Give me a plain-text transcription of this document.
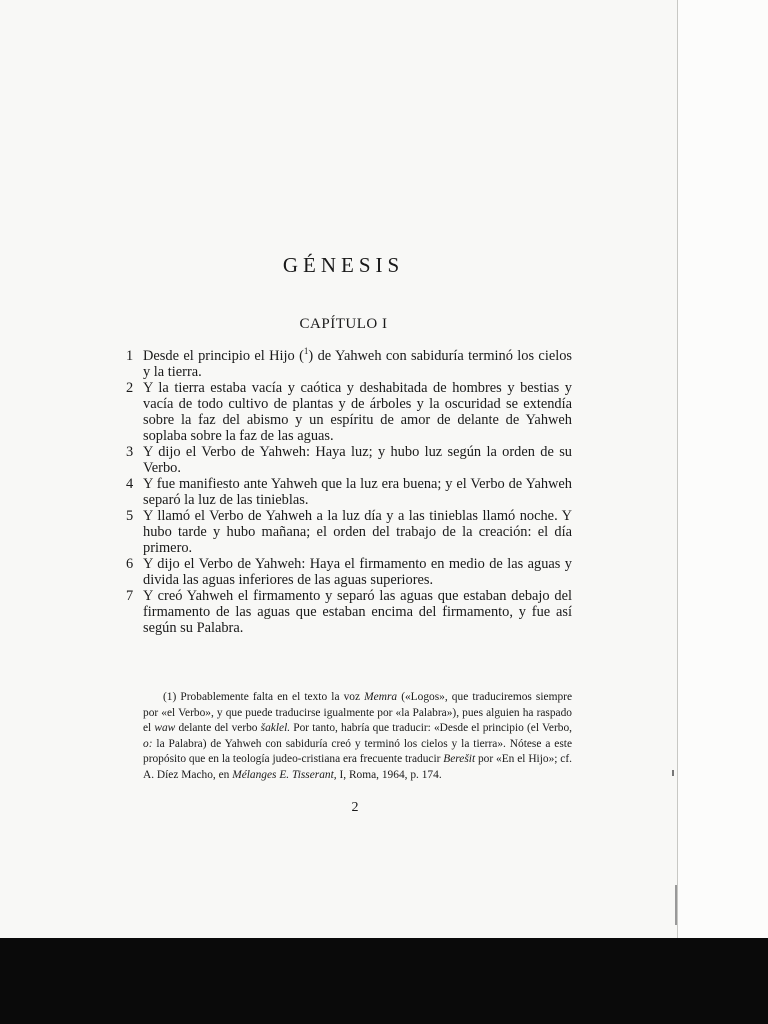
GÉNESIS
CAPÍTULO I
1 Desde el principio el Hijo ($^1$) de Yahweh con sabiduría terminó los cielos y la tierra.
2 Y la tierra estaba vacía y caótica y deshabitada de hombres y bestias y vacía de todo cultivo de plantas y de árboles y la oscuridad se extendía sobre la faz del abismo y un espíritu de amor de delante de Yahweh soplaba sobre la faz de las aguas.
3 Y dijo el Verbo de Yahweh: Haya luz; y hubo luz según la orden de su Verbo.
4 Y fue manifiesto ante Yahweh que la luz era buena; y el Verbo de Yahweh separó la luz de las tinieblas.
5 Y llamó el Verbo de Yahweh a la luz día y a las tinieblas llamó noche. Y hubo tarde y hubo mañana; el orden del trabajo de la creación: el día primero.
6 Y dijo el Verbo de Yahweh: Haya el firmamento en medio de las aguas y divida las aguas inferiores de las aguas superiores.
7 Y creó Yahweh el firmamento y separó las aguas que estaban debajo del firmamento de las aguas que estaban encima del firmamento, y fue así según su Palabra.
(1) Probablemente falta en el texto la voz Memra («Logos», que traduciremos siempre por «el Verbo», y que puede traducirse igualmente por «la Palabra»), pues alguien ha raspado el waw delante del verbo šaklel. Por tanto, habría que traducir: «Desde el principio (el Verbo, o: la Palabra) de Yahweh con sabiduría creó y terminó los cielos y la tierra». Nótese a este propósito que en la teología judeo-cristiana era frecuente traducir Berešit por «En el Hijo»; cf. A. Díez Macho, en Mélanges E. Tisserant, I, Roma, 1964, p. 174.
2
